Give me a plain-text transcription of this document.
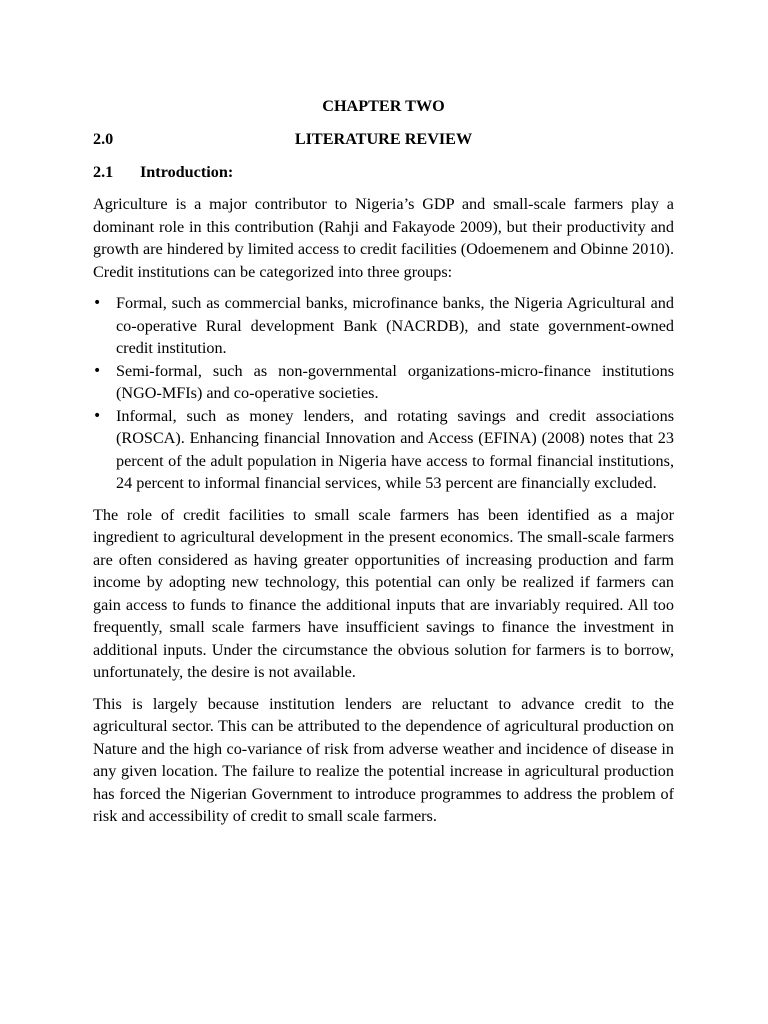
CHAPTER TWO
2.0	LITERATURE REVIEW
2.1 Introduction:

Agriculture is a major contributor to Nigeria’s GDP and small-scale farmers play a dominant role in this contribution (Rahji and Fakayode 2009), but their productivity and growth are hindered by limited access to credit facilities (Odoemenem and Obinne 2010). Credit institutions can be categorized into three groups:

• Formal, such as commercial banks, microfinance banks, the Nigeria Agricultural and co-operative Rural development Bank (NACRDB), and state government-owned credit institution.
• Semi-formal, such as non-governmental organizations-micro-finance institutions (NGO-MFIs) and co-operative societies.
• Informal, such as money lenders, and rotating savings and credit associations (ROSCA). Enhancing financial Innovation and Access (EFINA) (2008) notes that 23 percent of the adult population in Nigeria have access to formal financial institutions, 24 percent to informal financial services, while 53 percent are financially excluded.

The role of credit facilities to small scale farmers has been identified as a major ingredient to agricultural development in the present economics. The small-scale farmers are often considered as having greater opportunities of increasing production and farm income by adopting new technology, this potential can only be realized if farmers can gain access to funds to finance the additional inputs that are invariably required. All too frequently, small scale farmers have insufficient savings to finance the investment in additional inputs. Under the circumstance the obvious solution for farmers is to borrow, unfortunately, the desire is not available.

This is largely because institution lenders are reluctant to advance credit to the agricultural sector. This can be attributed to the dependence of agricultural production on Nature and the high co-variance of risk from adverse weather and incidence of disease in any given location. The failure to realize the potential increase in agricultural production has forced the Nigerian Government to introduce programmes to address the problem of risk and accessibility of credit to small scale farmers.
